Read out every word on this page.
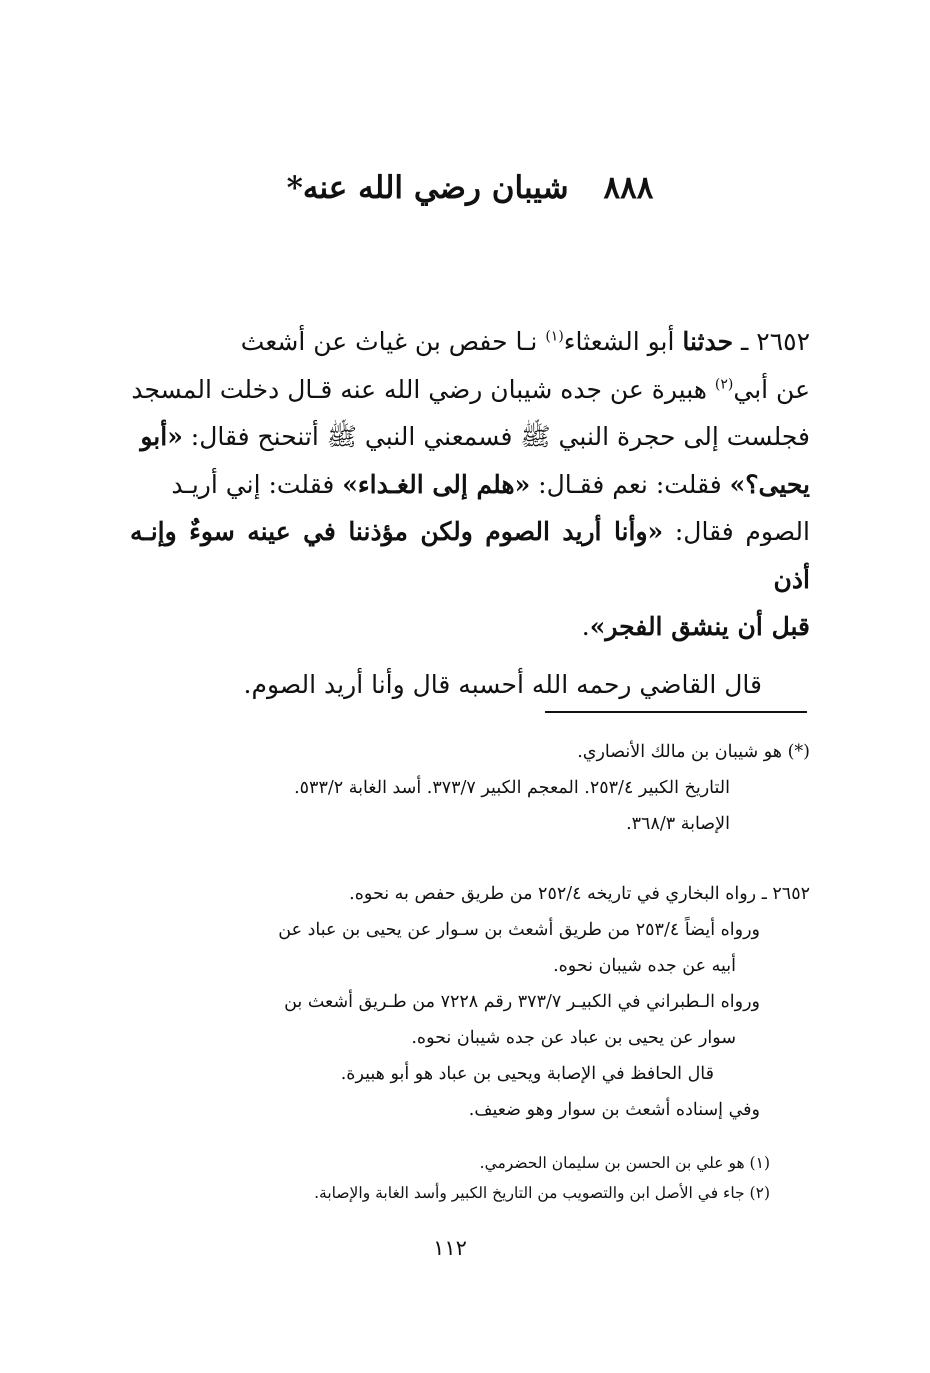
٨٨٨ شيبان رضي الله عنه*

٢٦٥٢ ـ حدثنا أبو الشعثاء$^{(١)}$ نـا حفص بن غياث عن أشعث

عن أبي$^{(٢)}$ هبيرة عن جده شيبان رضي الله عنه قـال دخلت المسجد

فجلست إلى حجرة النبي ﷺ فسمعني النبي ﷺ أتنحنح فقال: «أبو

يحيى؟» فقلت: نعم فقـال: «هلم إلى الغـداء» فقلت: إني أريـد

الصوم فقال: «وأنا أريد الصوم ولكن مؤذننا في عينه سوءٌ وإنـه أذن

قبل أن ينشق الفجر».

قال القاضي رحمه الله أحسبه قال وأنا أريد الصوم.

(*) هو شيبان بن مالك الأنصاري.

التاريخ الكبير ٢٥٣/٤. المعجم الكبير ٣٧٣/٧. أسد الغابة ٥٣٣/٢.

الإصابة ٣٦٨/٣.

٢٦٥٢ ـ رواه البخاري في تاريخه ٢٥٢/٤ من طريق حفص به نحوه.

ورواه أيضاً ٢٥٣/٤ من طريق أشعث بن سـوار عن يحيى بن عباد عن

أبيه عن جده شيبان نحوه.

ورواه الـطبراني في الكبيـر ٣٧٣/٧ رقم ٧٢٢٨ من طـريق أشعث بن

سوار عن يحيى بن عباد عن جده شيبان نحوه.

قال الحافظ في الإصابة ويحيى بن عباد هو أبو هبيرة.

وفي إسناده أشعث بن سوار وهو ضعيف.

(١) هو علي بن الحسن بن سليمان الحضرمي.

(٢) جاء في الأصل ابن والتصويب من التاريخ الكبير وأسد الغابة والإصابة.

١١٢
